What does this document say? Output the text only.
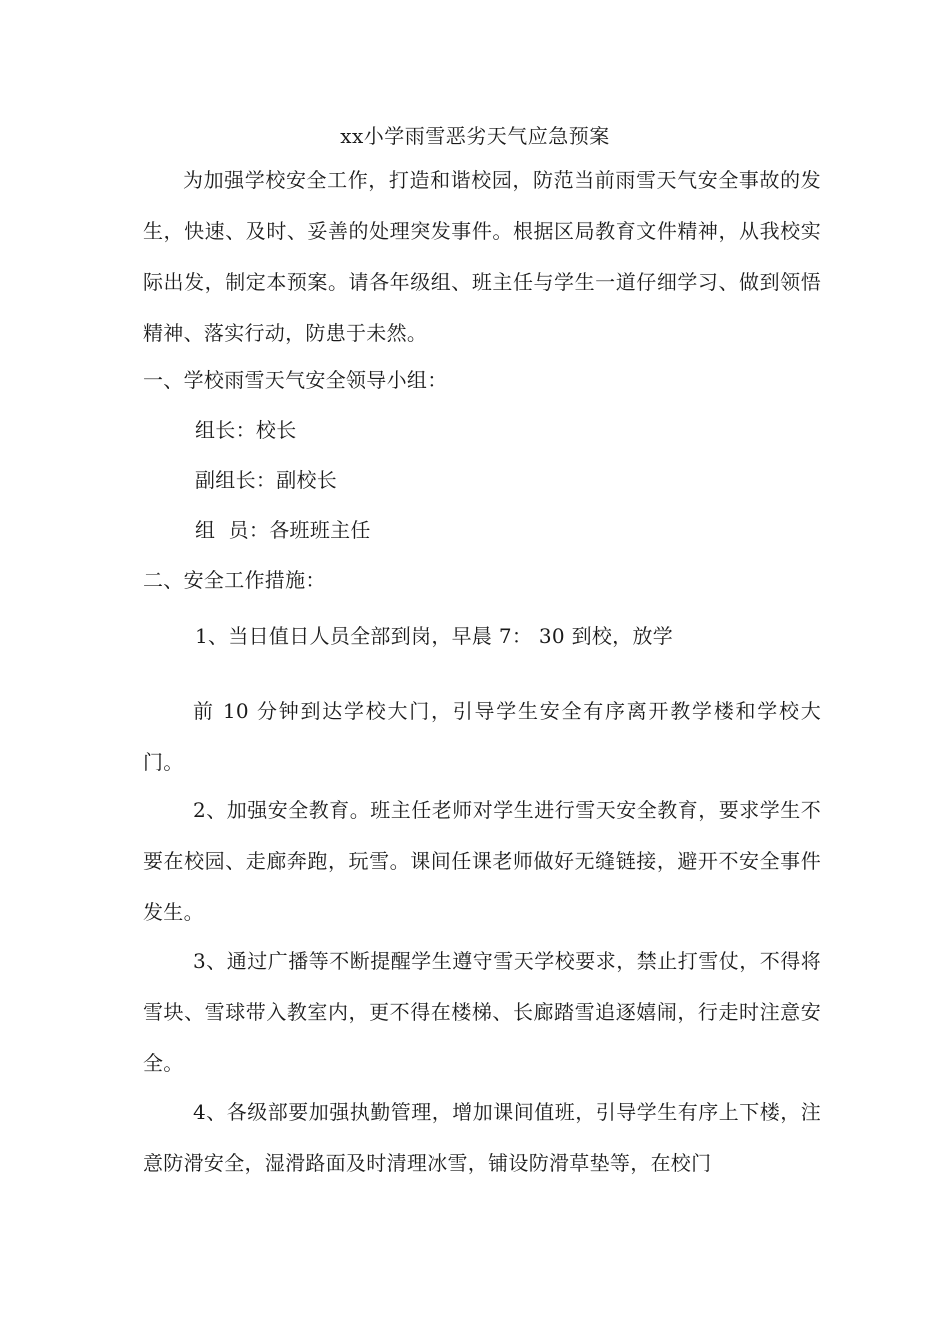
xx小学雨雪恶劣天气应急预案
为加强学校安全工作，打造和谐校园，防范当前雨雪天气安全事故的发生，快速、及时、妥善的处理突发事件。根据区局教育文件精神，从我校实际出发，制定本预案。请各年级组、班主任与学生一道仔细学习、做到领悟精神、落实行动，防患于未然。
一、学校雨雪天气安全领导小组：
组长：校长
副组长：副校长
组  员：各班班主任
二、安全工作措施：
1、当日值日人员全部到岗，早晨 7： 30 到校，放学
前 10 分钟到达学校大门，引导学生安全有序离开教学楼和学校大门。
2、加强安全教育。班主任老师对学生进行雪天安全教育，要求学生不要在校园、走廊奔跑，玩雪。课间任课老师做好无缝链接，避开不安全事件发生。
3、通过广播等不断提醒学生遵守雪天学校要求，禁止打雪仗，不得将雪块、雪球带入教室内，更不得在楼梯、长廊踏雪追逐嬉闹，行走时注意安全。
4、各级部要加强执勤管理，增加课间值班，引导学生有序上下楼，注意防滑安全，湿滑路面及时清理冰雪，铺设防滑草垫等，在校门
